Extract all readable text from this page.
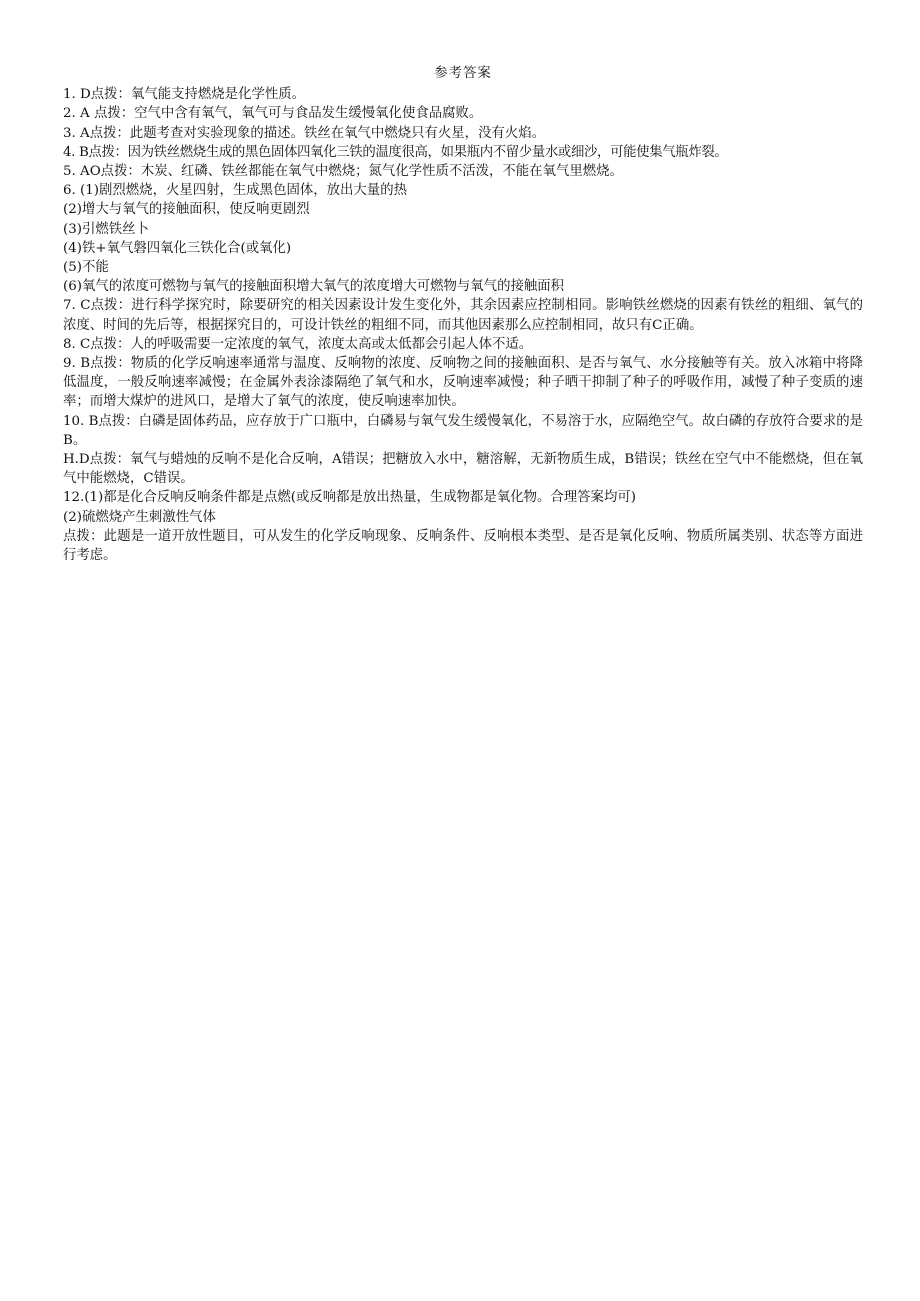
参考答案
1. D点拨：氧气能支持燃烧是化学性质。
2. A 点拨：空气中含有氧气，氧气可与食品发生缓慢氧化使食品腐败。
3. A点拨：此题考查对实验现象的描述。铁丝在氧气中燃烧只有火星，没有火焰。
4. B点拨：因为铁丝燃烧生成的黑色固体四氧化三铁的温度很高，如果瓶内不留少量水或细沙，可能使集气瓶炸裂。
5. AO点拨：木炭、红磷、铁丝都能在氧气中燃烧；氮气化学性质不活泼，不能在氧气里燃烧。
6. (1)剧烈燃烧，火星四射，生成黑色固体，放出大量的热
(2)增大与氧气的接触面积，使反响更剧烈
(3)引燃铁丝卜
(4)铁+氧气磐四氧化三铁化合(或氧化)
(5)不能
(6)氧气的浓度可燃物与氧气的接触面积增大氧气的浓度增大可燃物与氧气的接触面积
7. C点拨：进行科学探究时，除要研究的相关因素设计发生变化外，其余因素应控制相同。影响铁丝燃烧的因素有铁丝的粗细、氧气的浓度、时间的先后等，根据探究目的，可设计铁丝的粗细不同，而其他因素那么应控制相同，故只有C正确。
8. C点拨：人的呼吸需要一定浓度的氧气，浓度太高或太低都会引起人体不适。
9. B点拨：物质的化学反响速率通常与温度、反响物的浓度、反响物之间的接触面积、是否与氧气、水分接触等有关。放入冰箱中将降低温度，一般反响速率减慢；在金属外表涂漆隔绝了氧气和水，反响速率减慢；种子晒干抑制了种子的呼吸作用，减慢了种子变质的速率；而增大煤炉的进风口，是增大了氧气的浓度，使反响速率加快。
10. B点拨：白磷是固体药品，应存放于广口瓶中，白磷易与氧气发生缓慢氧化，不易溶于水，应隔绝空气。故白磷的存放符合要求的是B。
H.D点拨：氧气与蜡烛的反响不是化合反响，A错误；把糖放入水中，糖溶解，无新物质生成，B错误；铁丝在空气中不能燃烧，但在氧气中能燃烧，C错误。
12.(1)都是化合反响反响条件都是点燃(或反响都是放出热量，生成物都是氧化物。合理答案均可)
(2)硫燃烧产生刺激性气体
点拨：此题是一道开放性题目，可从发生的化学反响现象、反响条件、反响根本类型、是否是氧化反响、物质所属类别、状态等方面进行考虑。
